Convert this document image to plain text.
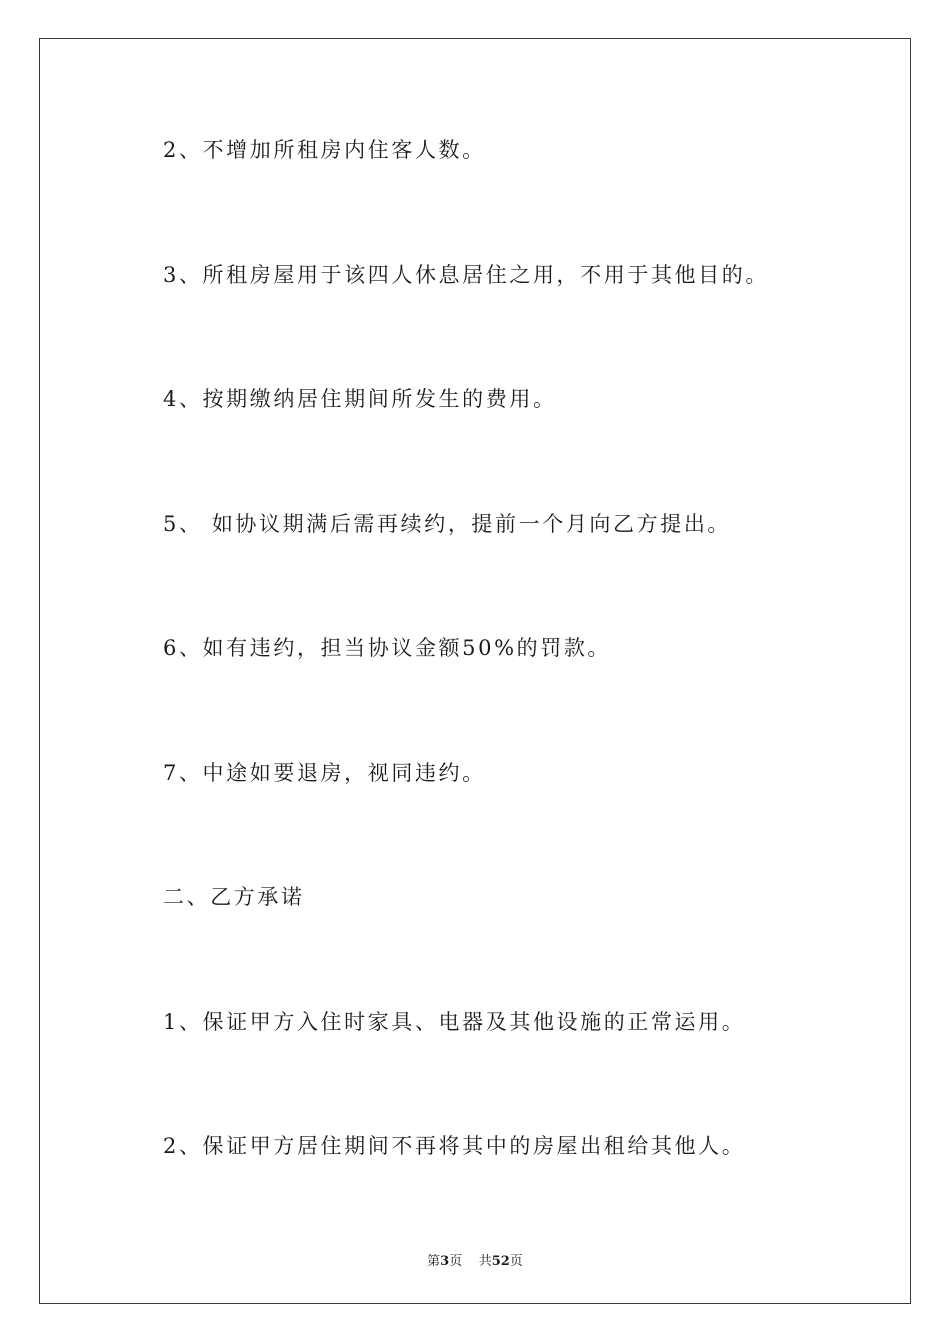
2、不增加所租房内住客人数。
3、所租房屋用于该四人休息居住之用，不用于其他目的。
4、按期缴纳居住期间所发生的费用。
5、 如协议期满后需再续约，提前一个月向乙方提出。
6、如有违约，担当协议金额50%的罚款。
7、中途如要退房，视同违约。
二、乙方承诺
1、保证甲方入住时家具、电器及其他设施的正常运用。
2、保证甲方居住期间不再将其中的房屋出租给其他人。
第3页    共52页
